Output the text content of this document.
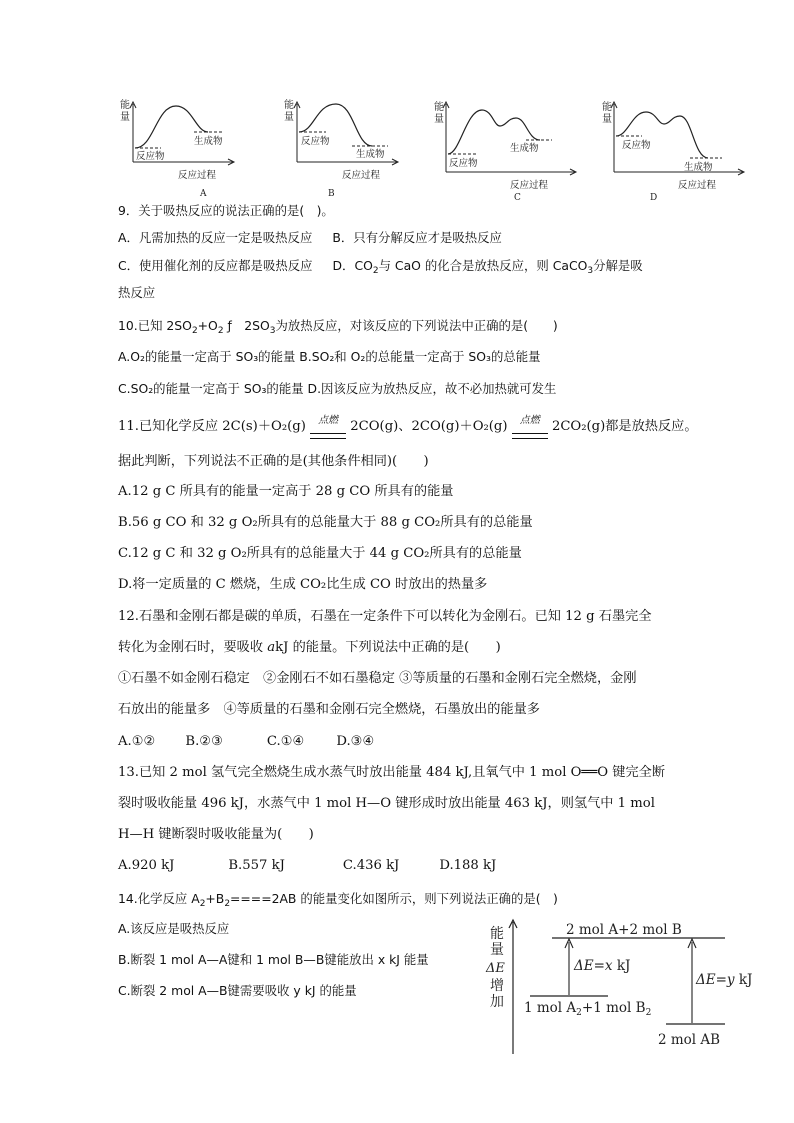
能
量
生成物
反应物
反应过程
A
能
量
反应物
生成物
反应过程
B
能
量
生成物
反应物
反应过程
C
能
量
反应物
生成物
反应过程
D
9．关于吸热反应的说法正确的是(　)。
A．凡需加热的反应一定是吸热反应 B．只有分解反应才是吸热反应
C．使用催化剂的反应都是吸热反应 D．$CO_2$与 CaO 的化合是放热反应，则 CaCO$_3$分解是吸
热反应
10.已知 $2SO_2+O_2$ ƒ　$2SO_3$为放热反应，对该反应的下列说法中正确的是(　　)
A.O₂的能量一定高于 SO₃的能量 B.SO₂和 O₂的总能量一定高于 SO₃的总能量
C.SO₂的能量一定高于 SO₃的能量 D.因该反应为放热反应，故不必加热就可发生
11.已知化学反应 2C(s)＋O₂(g)	点燃 2CO(g)、2CO(g)＋O₂(g)	点燃 2CO₂(g)都是放热反应。
据此判断，下列说法不正确的是(其他条件相同)(　　)
A.12 g C 所具有的能量一定高于 28 g CO 所具有的能量
B.56 g CO 和 32 g O₂所具有的总能量大于 88 g CO₂所具有的总能量
C.12 g C 和 32 g O₂所具有的总能量大于 44 g CO₂所具有的总能量
D.将一定质量的 C 燃烧，生成 CO₂比生成 CO 时放出的热量多
12.石墨和金刚石都是碳的单质，石墨在一定条件下可以转化为金刚石。已知 12 g 石墨完全
转化为金刚石时，要吸收 akJ 的能量。下列说法中正确的是(　　)
①石墨不如金刚石稳定　②金刚石不如石墨稳定 ③等质量的石墨和金刚石完全燃烧，金刚
石放出的能量多　④等质量的石墨和金刚石完全燃烧，石墨放出的能量多
A.①② B.②③	C.①④ D.③④
13.已知 2 mol 氢气完全燃烧生成水蒸气时放出能量 484 kJ,且氧气中 1 mol O══O 键完全断
裂时吸收能量 496 kJ，水蒸气中 1 mol H—O 键形成时放出能量 463 kJ，则氢气中 1 mol
H—H 键断裂时吸收能量为(　　)
A.920 kJ	B.557 kJ	C.436 kJ	D.188 kJ
14.化学反应 $A_2+B_2====2AB$ 的能量变化如图所示，则下列说法正确的是(　)
A.该反应是吸热反应
B.断裂 1 mol A—A键和 1 mol B—B键能放出 x kJ 能量
C.断裂 2 mol A—B键需要吸收 y kJ 的能量
能
量
ΔE
增
加
2 mol A+2 mol B
1 mol $A_2+1$ mol $B_2$
2 mol AB
ΔE=x kJ
ΔE=y kJ
